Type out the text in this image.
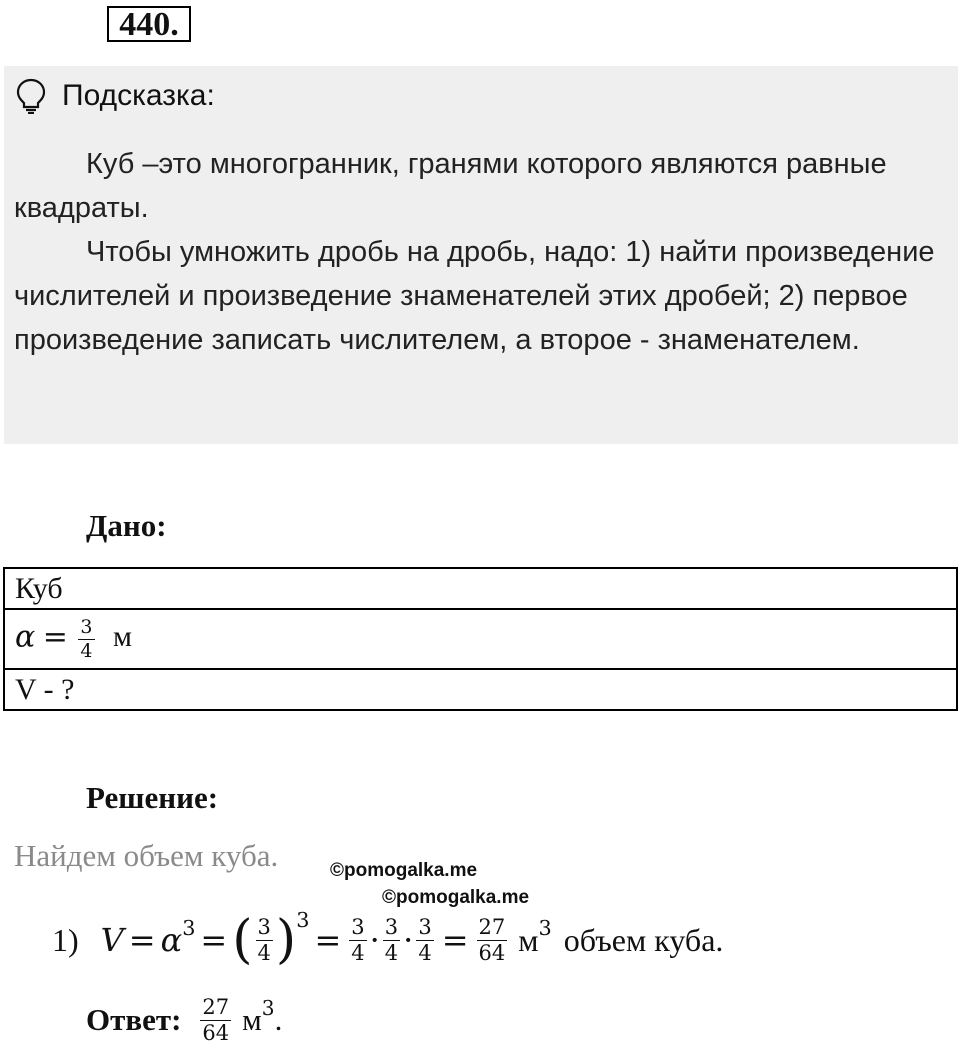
440.
Подсказка:

Куб –это многогранник, гранями которого являются равные квадраты.

Чтобы умножить дробь на дробь, надо: 1) найти произведение числителей и произведение знаменателей этих дробей; 2) первое произведение записать числителем, а второе - знаменателем.

Дано:
Куб
$\alpha = \frac{3}{4}$ м
V - ?
Решение:
Найдем объем куба.	©pomogalka.me
©pomogalka.me
1) $V = \alpha^3$ = ( $\frac{3}{4} )^3$
= $\frac{3}{4} \cdot \frac{3}{4} \cdot \frac{3}{4} = \frac{27}{64} м^3$ объем куба.
Ответ: $\frac{27}{64} м^3$ .
